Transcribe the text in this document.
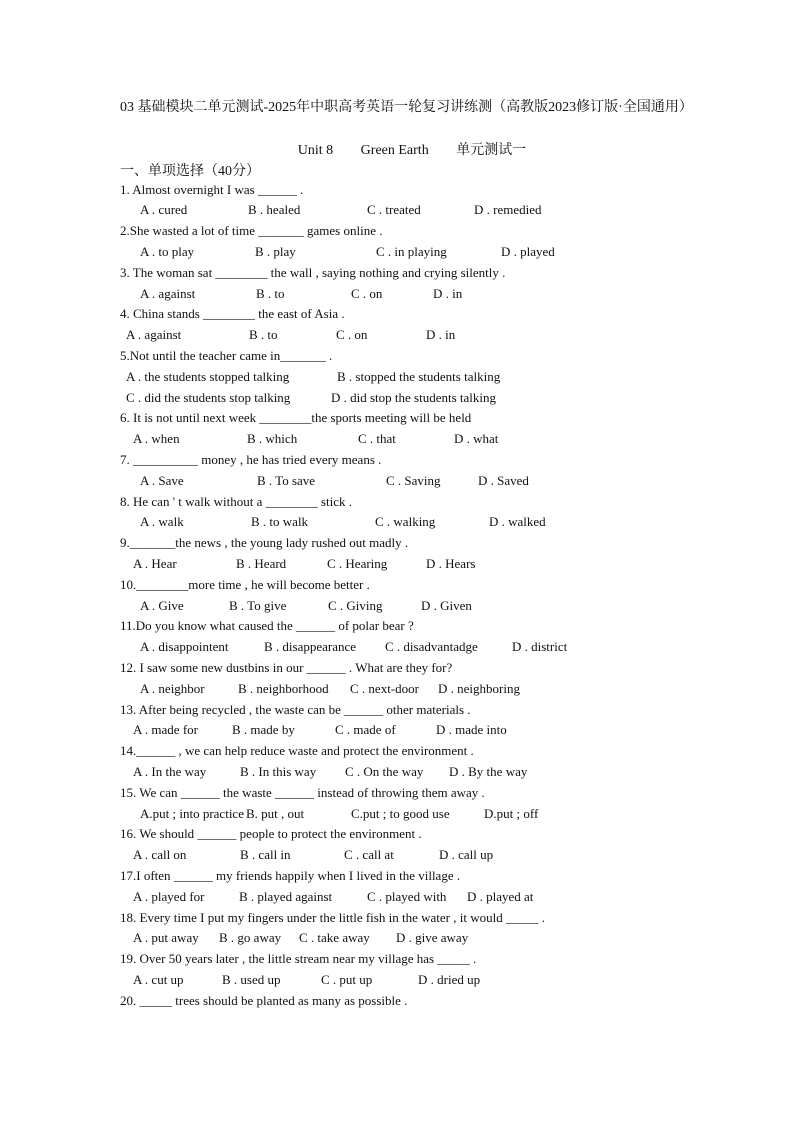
03 基础模块二单元测试-2025年中职高考英语一轮复习讲练测（高教版2023修订版·全国通用）
Unit 8 Green Earth 单元测试一
一、单项选择（40分）
1. Almost overnight I was ______ .
A . cured	B . healed	C . treated	D . remedied
2.She wasted a lot of time _______ games online .
A . to play	B . play	C . in playing	D . played
3. The woman sat ________ the wall , saying nothing and crying silently .
A . against	B . to	C . on	D . in
4. China stands ________ the east of Asia .
A . against	B . to	C . on	D . in
5.Not until the teacher came in_______ .
A . the students stopped talking	B . stopped the students talking
C . did the students stop talking	D . did stop the students talking
6. It is not until next week ________the sports meeting will be held
A . when	B . which	C . that	D . what
7. __________ money , he has tried every means .
A . Save	B . To save	C . Saving	D . Saved
8. He can ' t walk without a ________ stick .
A . walk	B . to walk	C . walking	D . walked
9._______the news , the young lady rushed out madly .
A . Hear	B . Heard	C . Hearing	D . Hears
10.________more time , he will become better .
A . Give	B . To give	C . Giving	D . Given
11.Do you know what caused the ______ of polar bear ?
A . disappointent	B . disappearance C . disadvantadge	D . district
12. I saw some new dustbins in our ______ . What are they for?
A . neighbor	B . neighborhood C . next-door D . neighboring
13. After being recycled , the waste can be ______ other materials .
A . made for	B . made by	C . made of	D . made into
14.______ , we can help reduce waste and protect the environment .
A . In the way	B . In this way C . On the way D . By the way
15. We can ______ the waste ______ instead of throwing them away .
A.put ; into practice B. put , out	C.put ; to good use	D.put ; off
16. We should ______ people to protect the environment .
A . call on	B . call in	C . call at	D . call up
17.I often ______ my friends happily when I lived in the village .
A . played for	B . played against	C . played with D . played at
18. Every time I put my fingers under the little fish in the water , it would _____ .
A . put away B . go away C . take away D . give away
19. Over 50 years later , the little stream near my village has _____ .
A . cut up	B . used up	C . put up	D . dried up
20. _____ trees should be planted as many as possible .
